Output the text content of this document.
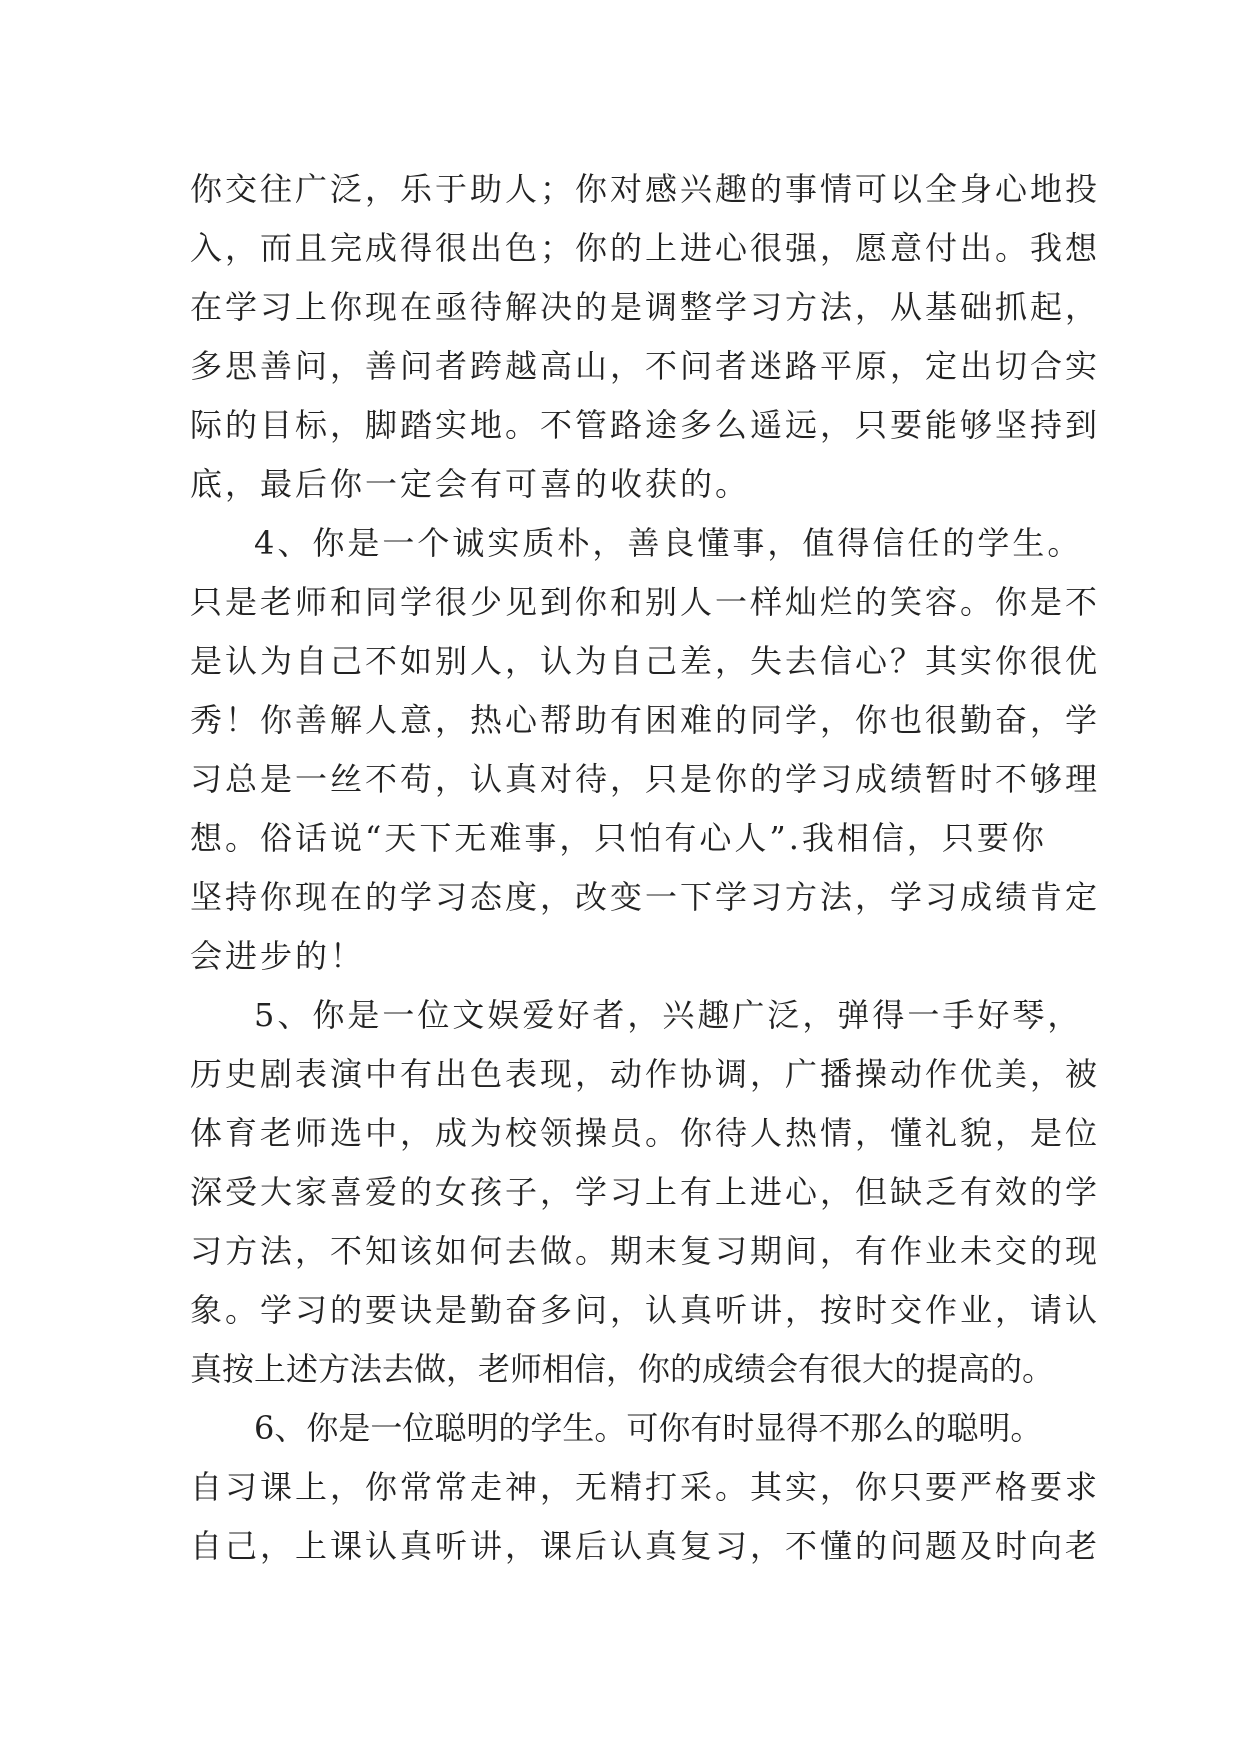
你交往广泛，乐于助人；你对感兴趣的事情可以全身心地投
入，而且完成得很出色；你的上进心很强，愿意付出。我想
在学习上你现在亟待解决的是调整学习方法，从基础抓起，
多思善问，善问者跨越高山，不问者迷路平原，定出切合实
际的目标，脚踏实地。不管路途多么遥远，只要能够坚持到
底，最后你一定会有可喜的收获的。
4、你是一个诚实质朴，善良懂事，值得信任的学生。
只是老师和同学很少见到你和别人一样灿烂的笑容。你是不
是认为自己不如别人，认为自己差，失去信心？其实你很优
秀！你善解人意，热心帮助有困难的同学，你也很勤奋，学
习总是一丝不苟，认真对待，只是你的学习成绩暂时不够理
想。俗话说“天下无难事，只怕有心人”.我相信，只要你
坚持你现在的学习态度，改变一下学习方法，学习成绩肯定
会进步的！
5、你是一位文娱爱好者，兴趣广泛，弹得一手好琴，
历史剧表演中有出色表现，动作协调，广播操动作优美，被
体育老师选中，成为校领操员。你待人热情，懂礼貌，是位
深受大家喜爱的女孩子，学习上有上进心，但缺乏有效的学
习方法，不知该如何去做。期末复习期间，有作业未交的现
象。学习的要诀是勤奋多问，认真听讲，按时交作业，请认
真按上述方法去做，老师相信，你的成绩会有很大的提高的。
6、你是一位聪明的学生。可你有时显得不那么的聪明。
自习课上，你常常走神，无精打采。其实，你只要严格要求
自己，上课认真听讲，课后认真复习，不懂的问题及时向老
